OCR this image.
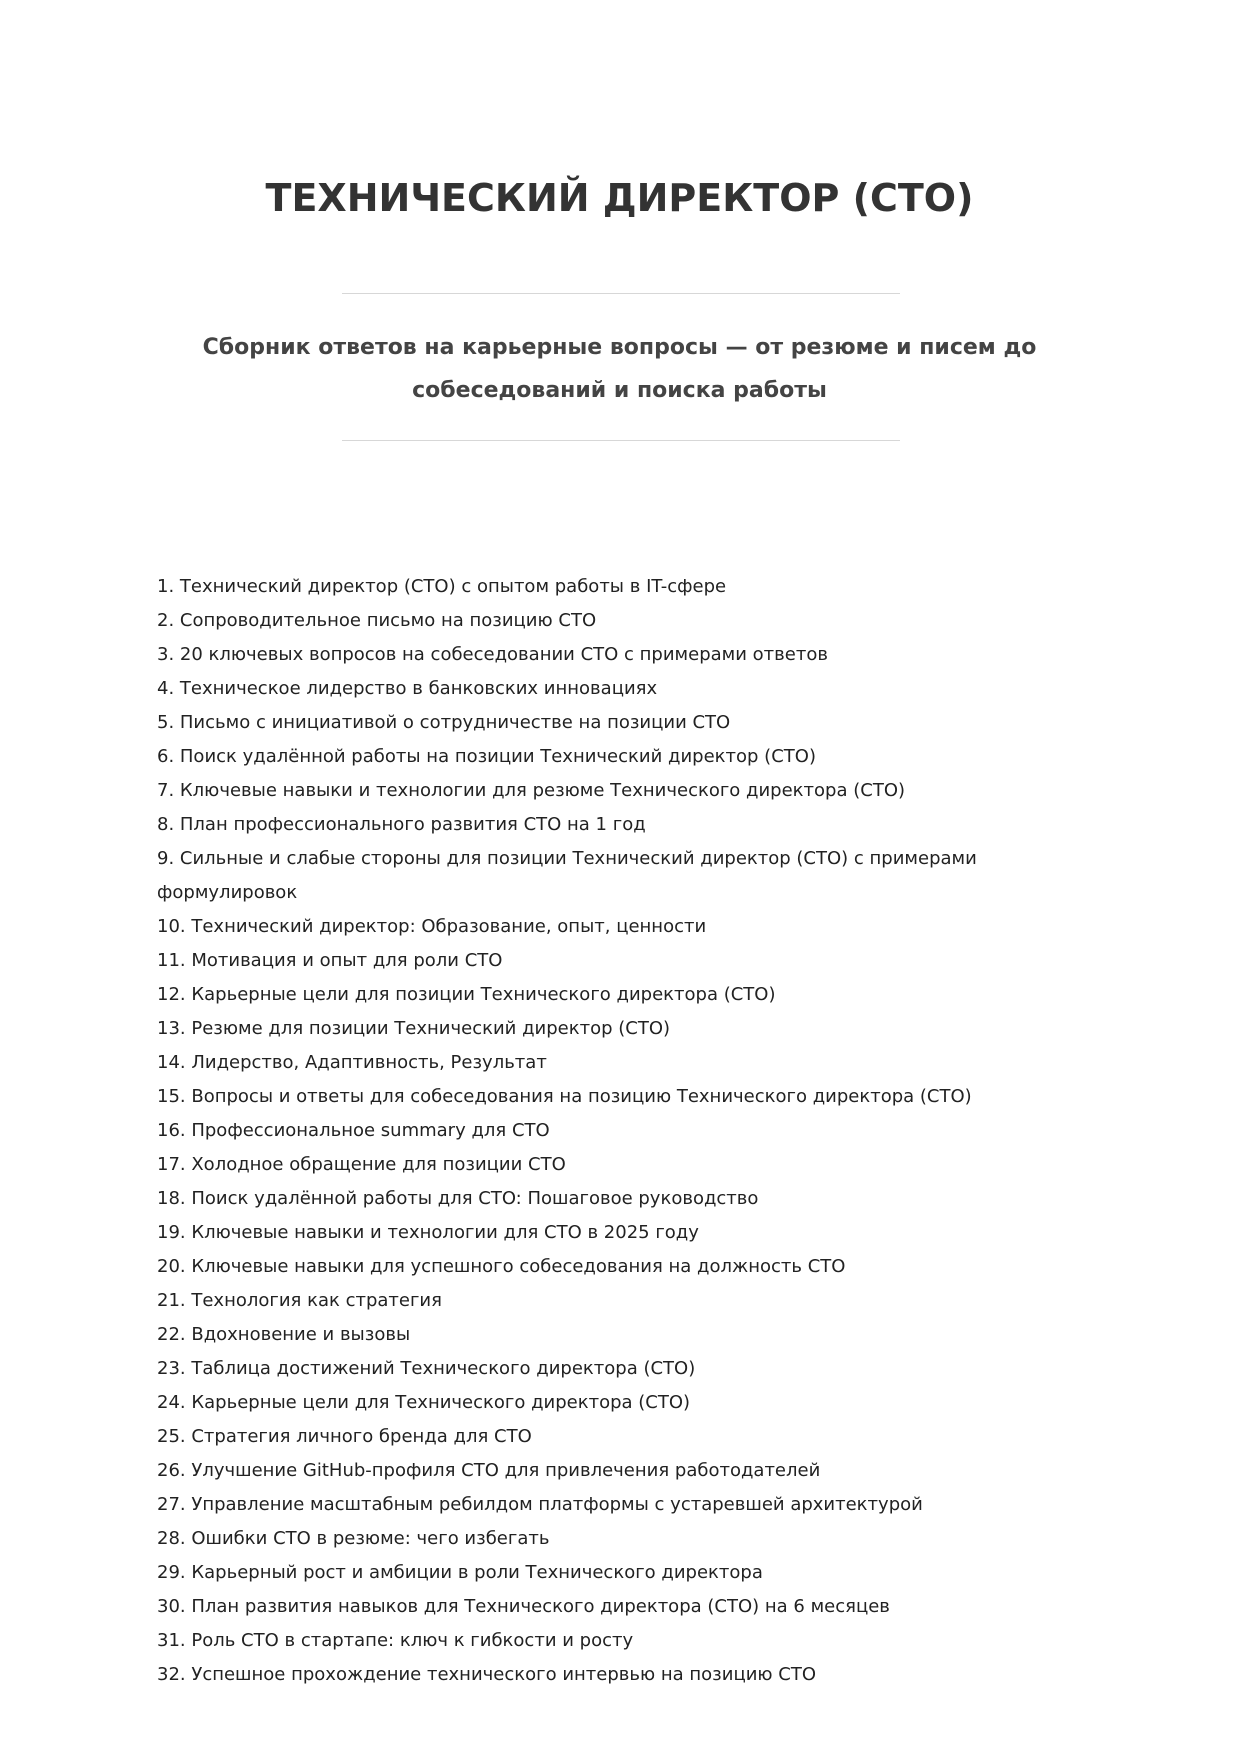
ТЕХНИЧЕСКИЙ ДИРЕКТОР (CTO)

Сборник ответов на карьерные вопросы — от резюме и писем до собеседований и поиска работы

1. Технический директор (CTO) с опытом работы в IT-сфере
2. Сопроводительное письмо на позицию CTO
3. 20 ключевых вопросов на собеседовании CTO с примерами ответов
4. Техническое лидерство в банковских инновациях
5. Письмо с инициативой о сотрудничестве на позиции CTO
6. Поиск удалённой работы на позиции Технический директор (CTO)
7. Ключевые навыки и технологии для резюме Технического директора (CTO)
8. План профессионального развития CTO на 1 год
9. Сильные и слабые стороны для позиции Технический директор (CTO) с примерами формулировок
10. Технический директор: Образование, опыт, ценности
11. Мотивация и опыт для роли CTO
12. Карьерные цели для позиции Технического директора (CTO)
13. Резюме для позиции Технический директор (CTO)
14. Лидерство, Адаптивность, Результат
15. Вопросы и ответы для собеседования на позицию Технического директора (CTO)
16. Профессиональное summary для CTO
17. Холодное обращение для позиции CTO
18. Поиск удалённой работы для CTO: Пошаговое руководство
19. Ключевые навыки и технологии для CTO в 2025 году
20. Ключевые навыки для успешного собеседования на должность CTO
21. Технология как стратегия
22. Вдохновение и вызовы
23. Таблица достижений Технического директора (CTO)
24. Карьерные цели для Технического директора (CTO)
25. Стратегия личного бренда для CTO
26. Улучшение GitHub-профиля CTO для привлечения работодателей
27. Управление масштабным ребилдом платформы с устаревшей архитектурой
28. Ошибки CTO в резюме: чего избегать
29. Карьерный рост и амбиции в роли Технического директора
30. План развития навыков для Технического директора (CTO) на 6 месяцев
31. Роль CTO в стартапе: ключ к гибкости и росту
32. Успешное прохождение технического интервью на позицию CTO
